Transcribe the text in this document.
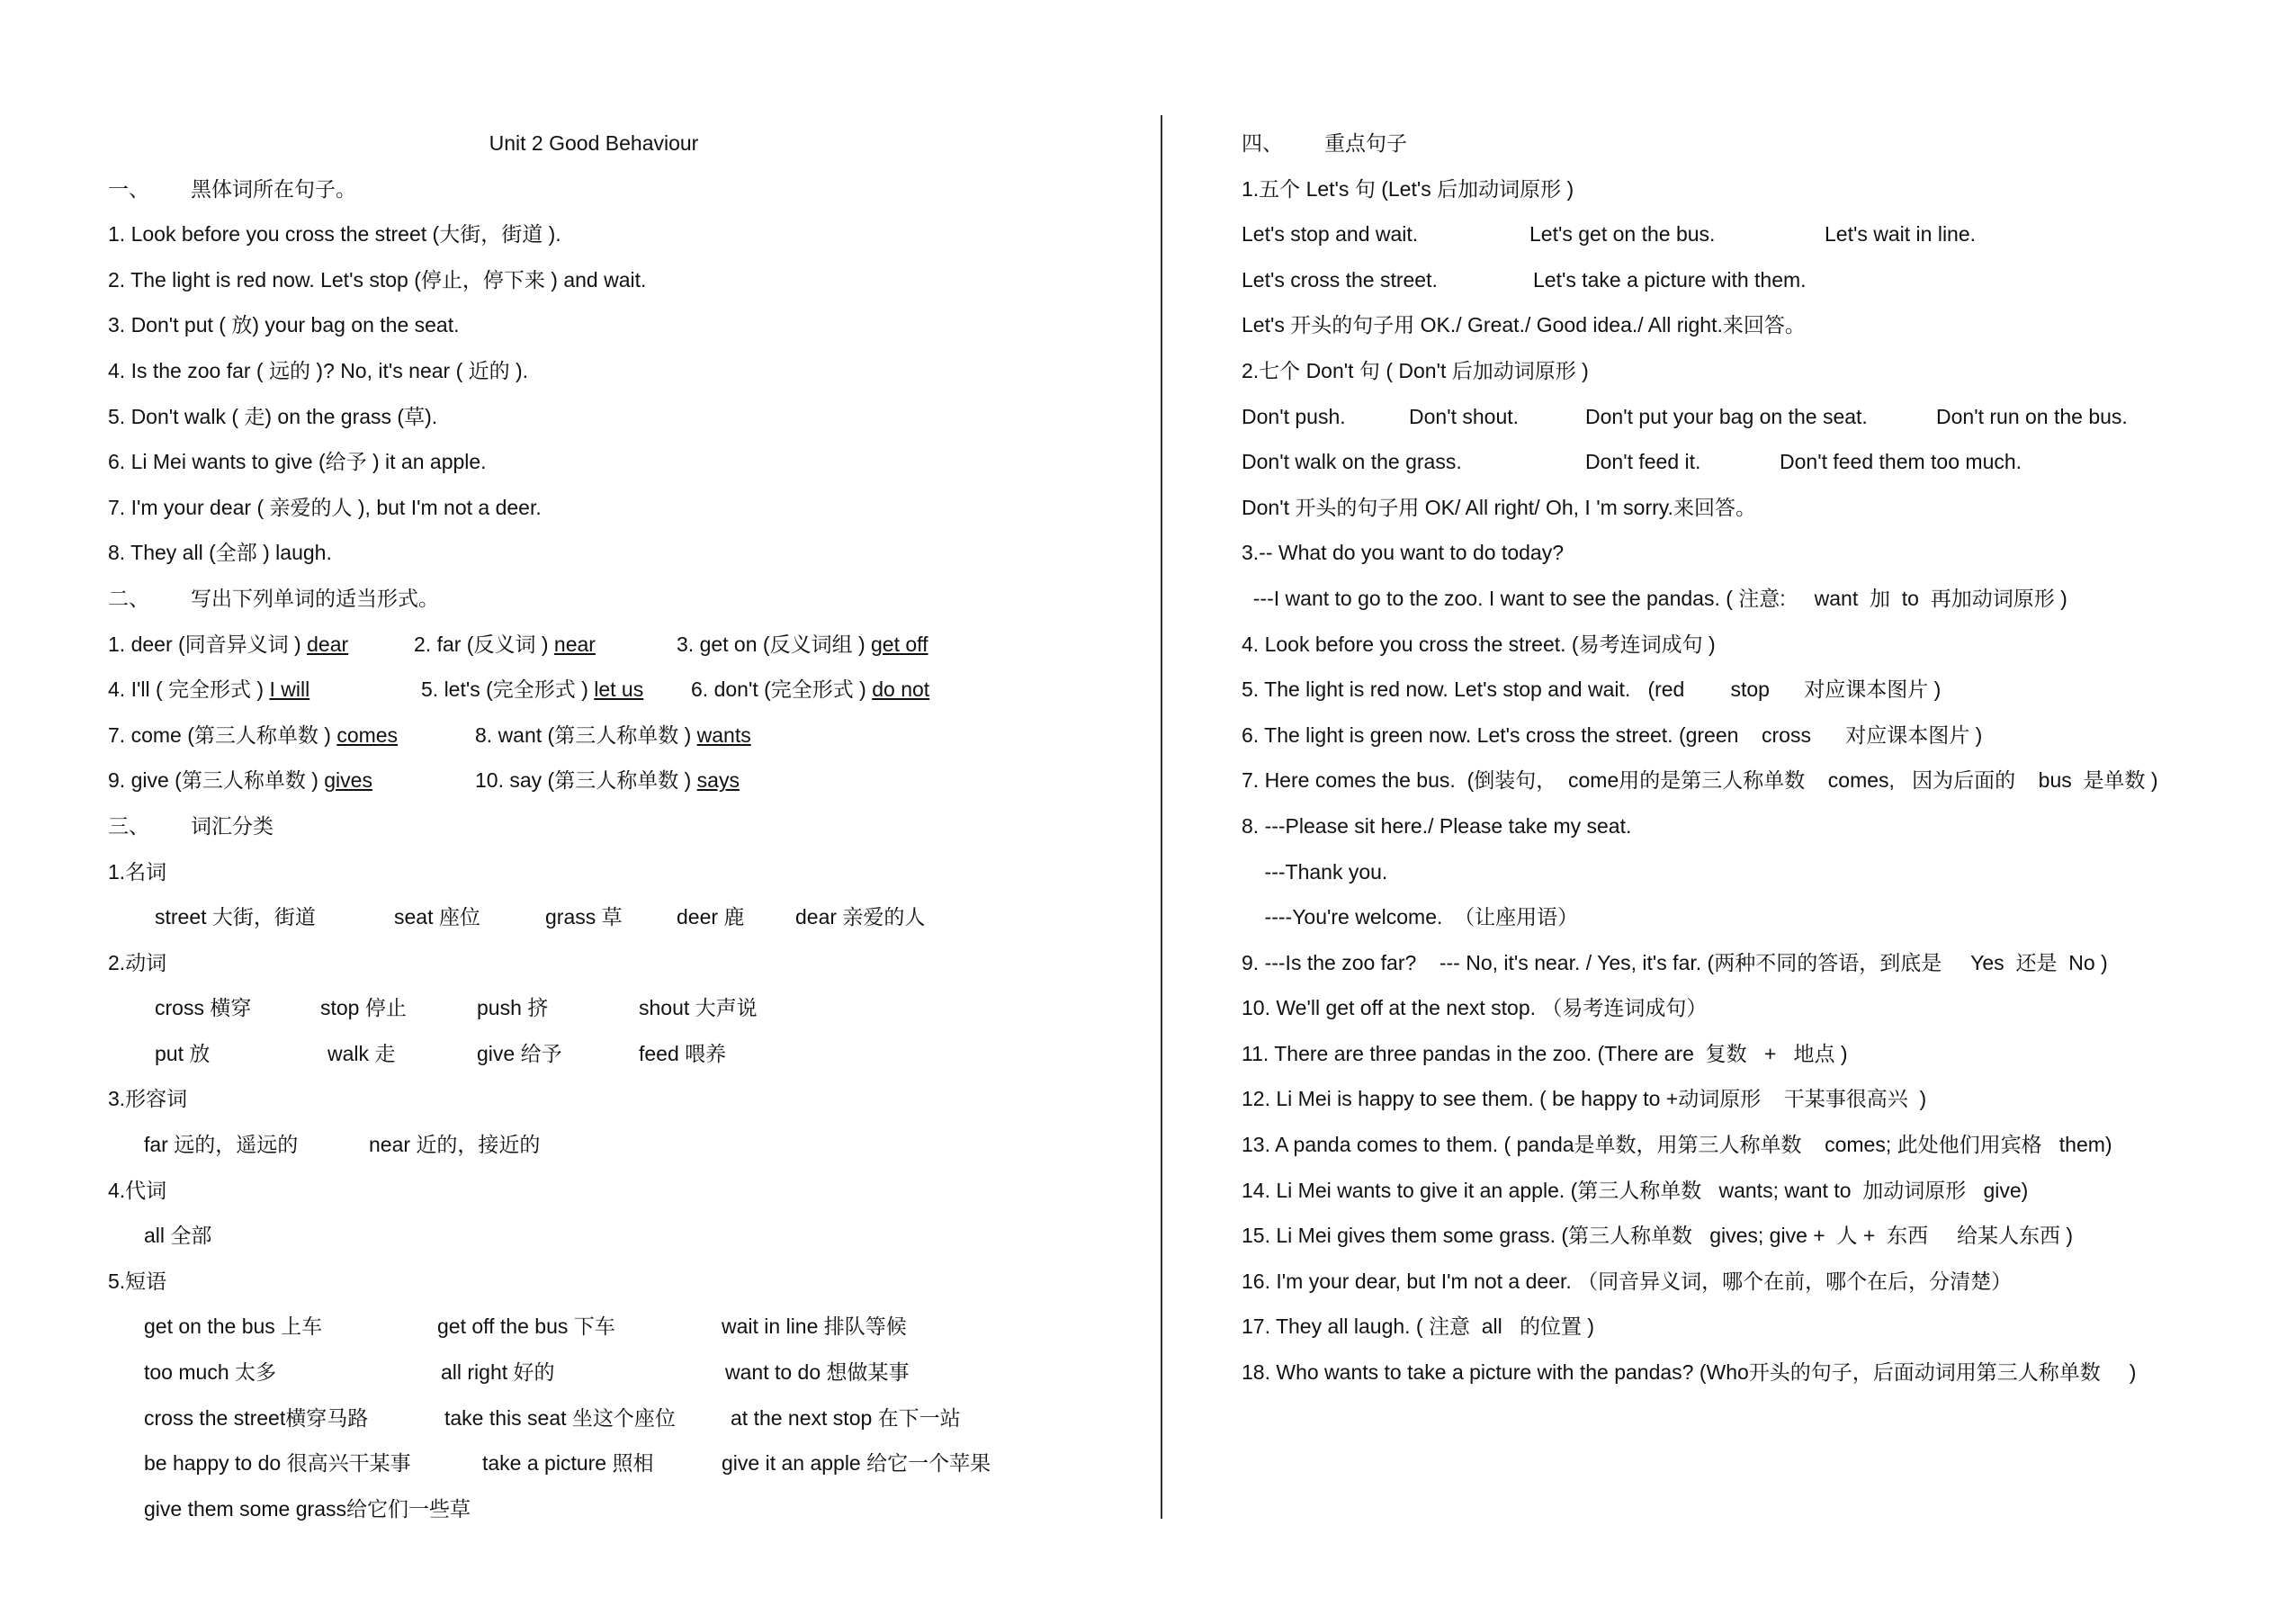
Unit 2 Good Behaviour
一、 黑体词所在句子。
1. Look before you cross the street (大街，街道 ).
2. The light is red now. Let's stop (停止，停下来 ) and wait.
3. Don't put ( 放) your bag on the seat.
4. Is the zoo far ( 远的 )? No, it's near ( 近的 ).
5. Don't walk ( 走) on the grass (草).
6. Li Mei wants to give (给予 ) it an apple.
7. I'm your dear ( 亲爱的人 ), but I'm not a deer.
8. They all (全部 ) laugh.
二、 写出下列单词的适当形式。
1. deer (同音异义词 ) dear	2. far (反义词 ) near	3. get on (反义词组 ) get off
4. I'll ( 完全形式 ) I will	5. let's (完全形式 ) let us 6. don't (完全形式 ) do not
7. come (第三人称单数 ) comes	8. want (第三人称单数 ) wants
9. give (第三人称单数 ) gives	10. say (第三人称单数 ) says
三、 词汇分类
1.名词
street 大街，街道	seat 座位	grass 草	deer 鹿 dear 亲爱的人
2.动词
cross 横穿	stop 停止	push 挤	shout 大声说
put 放	walk 走	give 给予	feed 喂养
3.形容词
far 远的，遥远的	near 近的，接近的
4.代词
all 全部
5.短语
get on the bus 上车	get off the bus 下车	wait in line 排队等候
too much 太多	all right 好的	want to do 想做某事
cross the street横穿马路	take this seat 坐这个座位	at the next stop 在下一站
be happy to do 很高兴干某事	take a picture 照相	give it an apple 给它一个苹果
give them some grass给它们一些草
四、 重点句子
1.五个 Let's 句 (Let's 后加动词原形 )
Let's stop and wait.	Let's get on the bus.	Let's wait in line.
Let's cross the street.	Let's take a picture with them.
Let's 开头的句子用 OK./ Great./ Good idea./ All right.来回答。
2.七个 Don't 句 ( Don't 后加动词原形 )
Don't push.	Don't shout.	Don't put your bag on the seat.	Don't run on the bus.
Don't walk on the grass.	Don't feed it.	Don't feed them too much.
Don't 开头的句子用 OK/ All right/ Oh, I 'm sorry.来回答。
3.-- What do you want to do today?
---I want to go to the zoo. I want to see the pandas. ( 注意:     want  加  to  再加动词原形 )
4. Look before you cross the street. (易考连词成句 )
5. The light is red now. Let's stop and wait.   (red        stop      对应课本图片 )
6. The light is green now. Let's cross the street. (green    cross      对应课本图片 )
7. Here comes the bus.  (倒装句，  come用的是第三人称单数    comes,   因为后面的    bus  是单数 )
8. ---Please sit here./ Please take my seat.
---Thank you.
----You're welcome.  （让座用语）
9. ---Is the zoo far?    --- No, it's near. / Yes, it's far. (两种不同的答语，到底是     Yes  还是  No )
10. We'll get off at the next stop. （易考连词成句）
11. There are three pandas in the zoo. (There are  复数   +   地点 )
12. Li Mei is happy to see them. ( be happy to +动词原形    干某事很高兴  )
13. A panda comes to them. ( panda是单数，用第三人称单数    comes; 此处他们用宾格   them)
14. Li Mei wants to give it an apple. (第三人称单数   wants; want to  加动词原形   give)
15. Li Mei gives them some grass. (第三人称单数   gives; give +  人 +  东西     给某人东西 )
16. I'm your dear, but I'm not a deer. （同音异义词，哪个在前，哪个在后，分清楚）
17. They all laugh. ( 注意  all   的位置 )
18. Who wants to take a picture with the pandas? (Who开头的句子，后面动词用第三人称单数     )
